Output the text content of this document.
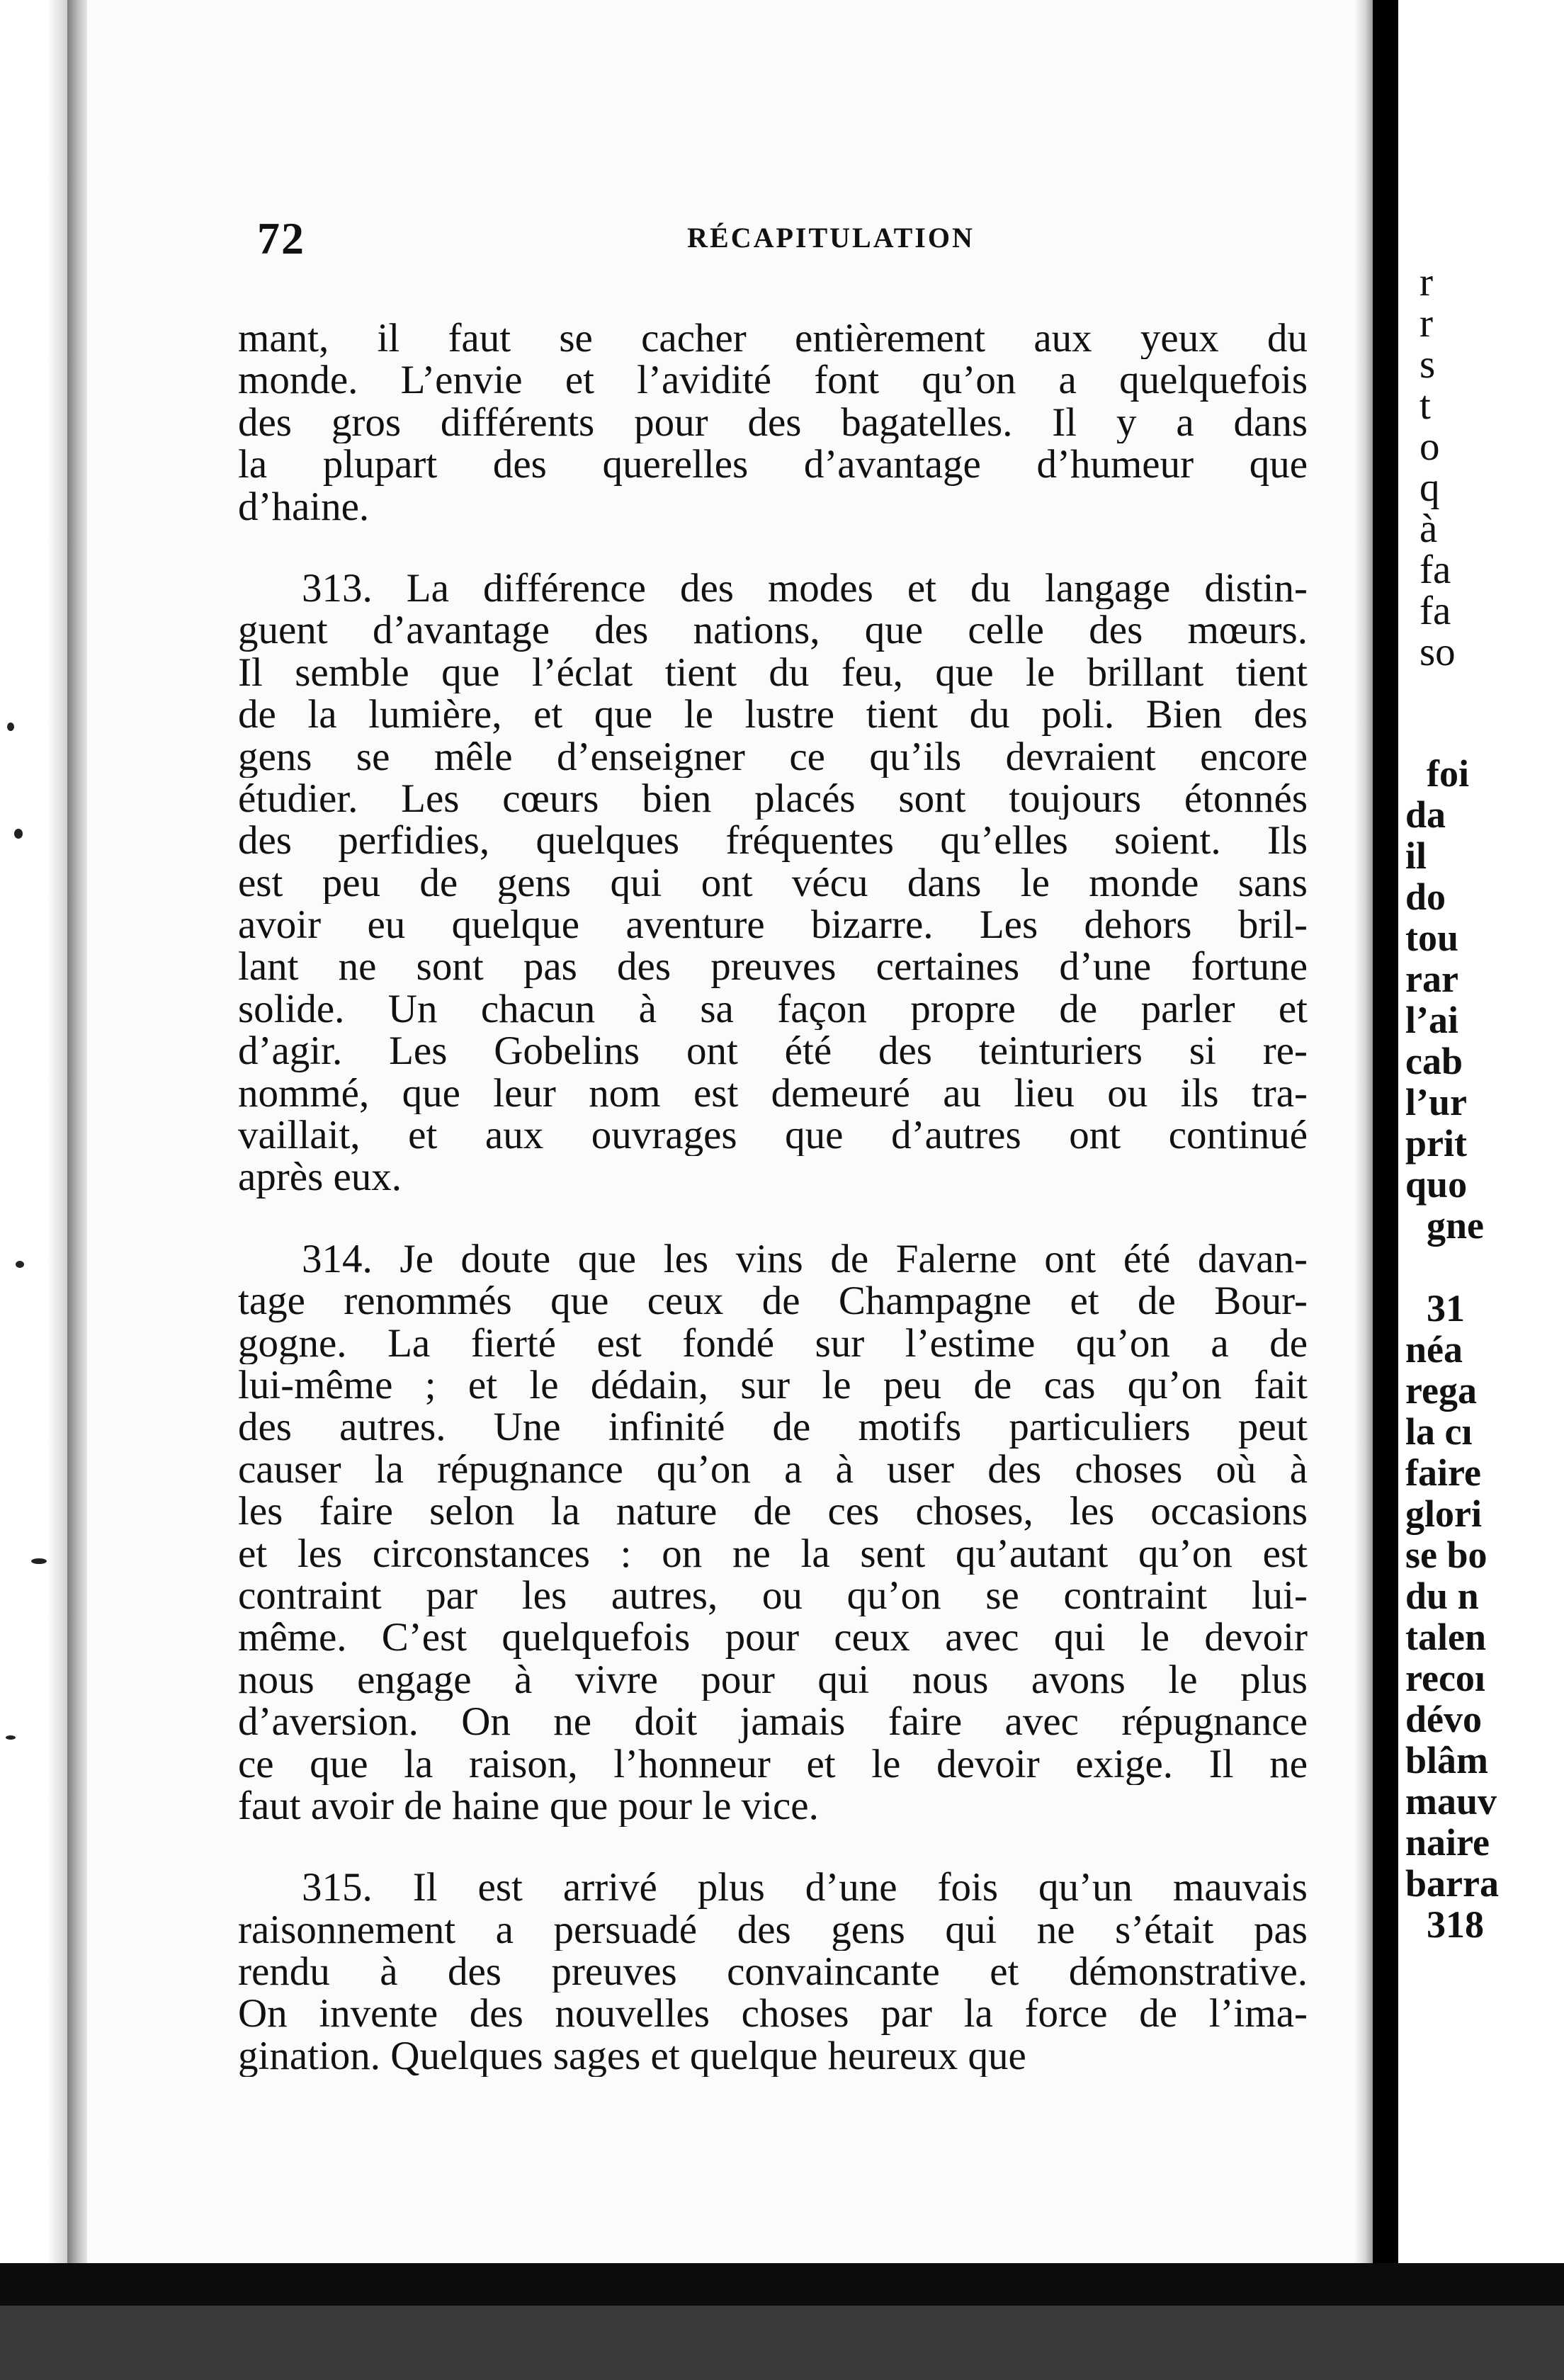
72	RÉCAPITULATION
mant, il faut se cacher entièrement aux yeux du
monde. L’envie et l’avidité font qu’on a quelquefois
des gros différents pour des bagatelles. Il y a dans
la plupart des querelles d’avantage d’humeur que
d’haine.
313. La différence des modes et du langage distin-
guent d’avantage des nations, que celle des mœurs.
Il semble que l’éclat tient du feu, que le brillant tient
de la lumière, et que le lustre tient du poli. Bien des
gens se mêle d’enseigner ce qu’ils devraient encore
étudier. Les cœurs bien placés sont toujours étonnés
des perfidies, quelques fréquentes qu’elles soient. Ils
est peu de gens qui ont vécu dans le monde sans
avoir eu quelque aventure bizarre. Les dehors bril-
lant ne sont pas des preuves certaines d’une fortune
solide. Un chacun à sa façon propre de parler et
d’agir. Les Gobelins ont été des teinturiers si re-
nommé, que leur nom est demeuré au lieu ou ils tra-
vaillait, et aux ouvrages que d’autres ont continué
après eux.
314. Je doute que les vins de Falerne ont été davan-
tage renommés que ceux de Champagne et de Bour-
gogne. La fierté est fondé sur l’estime qu’on a de
lui-même ; et le dédain, sur le peu de cas qu’on fait
des autres. Une infinité de motifs particuliers peut
causer la répugnance qu’on a à user des choses où à
les faire selon la nature de ces choses, les occasions
et les circonstances : on ne la sent qu’autant qu’on est
contraint par les autres, ou qu’on se contraint lui-
même. C’est quelquefois pour ceux avec qui le devoir
nous engage à vivre pour qui nous avons le plus
d’aversion. On ne doit jamais faire avec répugnance
ce que la raison, l’honneur et le devoir exige. Il ne
faut avoir de haine que pour le vice.
315. Il est arrivé plus d’une fois qu’un mauvais
raisonnement a persuadé des gens qui ne s’était pas
rendu à des preuves convaincante et démonstrative.
On invente des nouvelles choses par la force de l’ima-
gination. Quelques sages et quelque heureux que
r
r
s
t
o
q
à
fa
fa
so
foi
da
il
do
tou
rar
l’ai
cab
l’ur
prit
quo
gne
31
néa
rega
la cı
faire
glori
se bo
du n
talen
recoı
dévo
blâm
mauv
naire
barra
318
